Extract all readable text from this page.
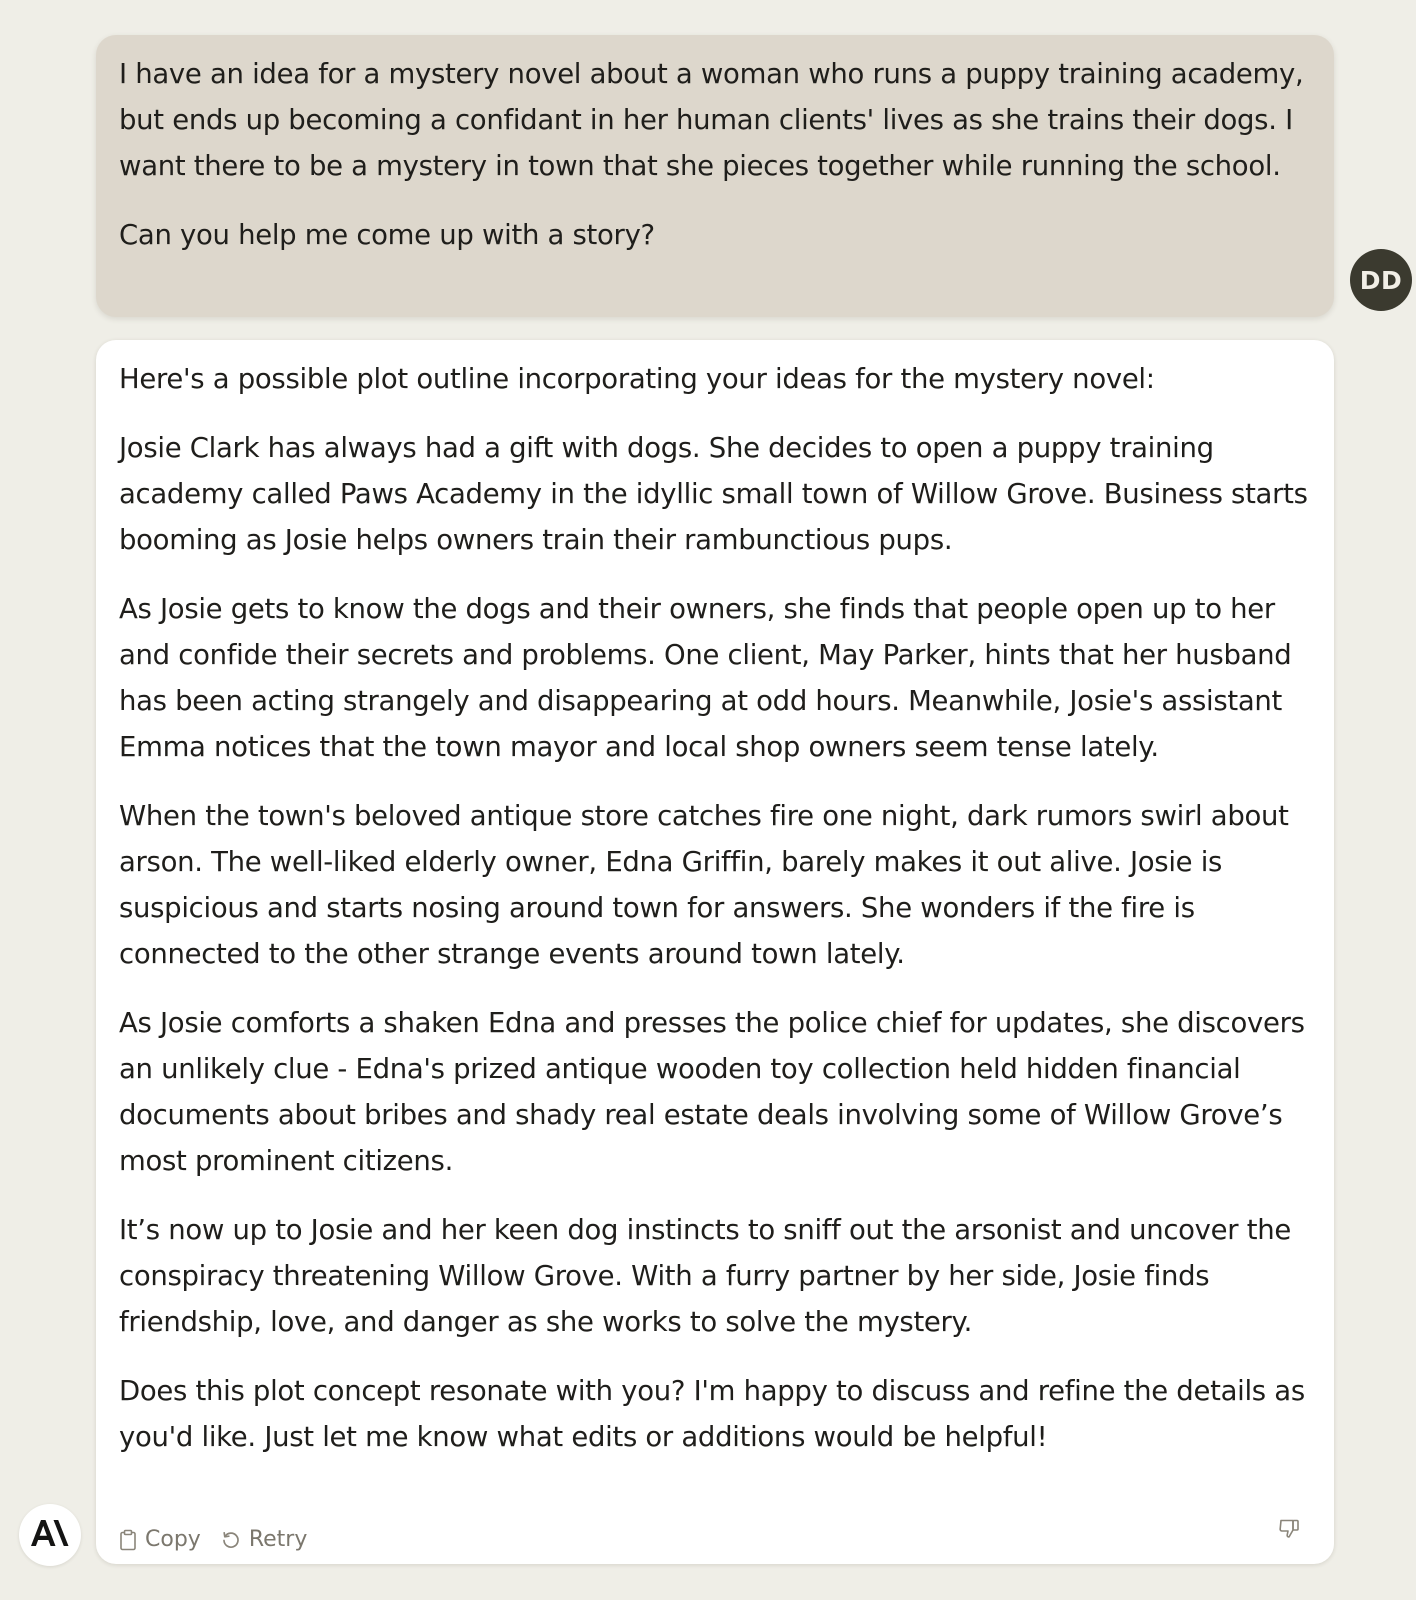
I have an idea for a mystery novel about a woman who runs a puppy training academy, but ends up becoming a confidant in her human clients' lives as she trains their dogs. I want there to be a mystery in town that she pieces together while running the school.

Can you help me come up with a story?

DD

Here's a possible plot outline incorporating your ideas for the mystery novel:

Josie Clark has always had a gift with dogs. She decides to open a puppy training academy called Paws Academy in the idyllic small town of Willow Grove. Business starts booming as Josie helps owners train their rambunctious pups.

As Josie gets to know the dogs and their owners, she finds that people open up to her and confide their secrets and problems. One client, May Parker, hints that her husband has been acting strangely and disappearing at odd hours. Meanwhile, Josie's assistant Emma notices that the town mayor and local shop owners seem tense lately.

When the town's beloved antique store catches fire one night, dark rumors swirl about arson. The well-liked elderly owner, Edna Griffin, barely makes it out alive. Josie is suspicious and starts nosing around town for answers. She wonders if the fire is connected to the other strange events around town lately.

As Josie comforts a shaken Edna and presses the police chief for updates, she discovers an unlikely clue - Edna's prized antique wooden toy collection held hidden financial documents about bribes and shady real estate deals involving some of Willow Grove’s most prominent citizens.

It’s now up to Josie and her keen dog instincts to sniff out the arsonist and uncover the conspiracy threatening Willow Grove. With a furry partner by her side, Josie finds friendship, love, and danger as she works to solve the mystery.

Does this plot concept resonate with you? I'm happy to discuss and refine the details as you'd like. Just let me know what edits or additions would be helpful!

Copy Retry
